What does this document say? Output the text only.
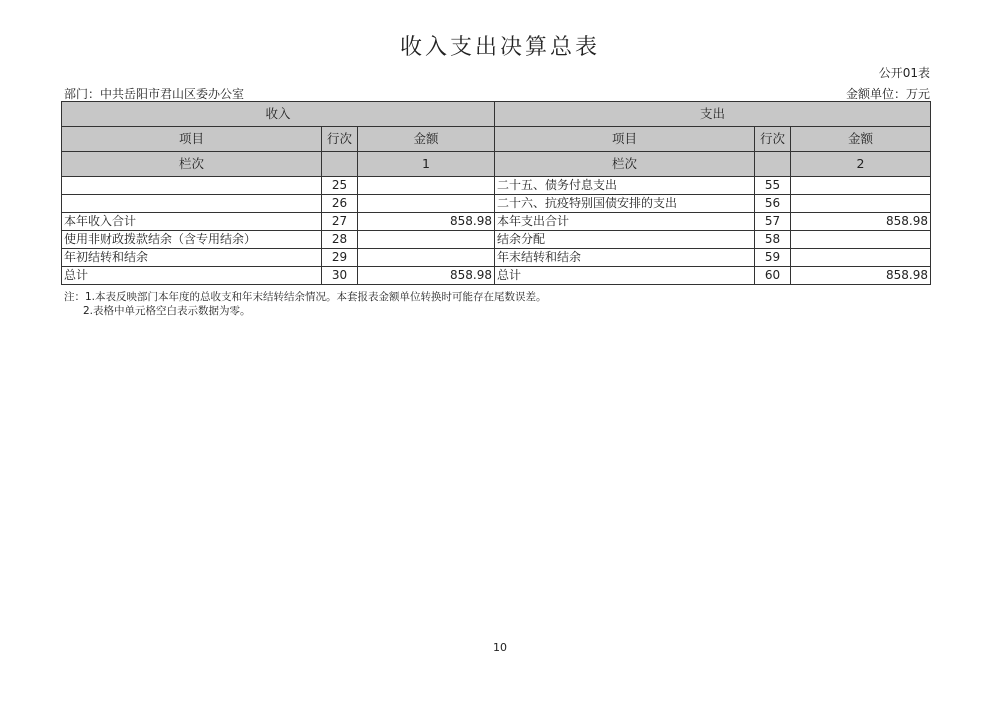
收入支出决算总表
公开01表
部门：中共岳阳市君山区委办公室	金额单位：万元
收入			支出		
项目	行次	金额	项目	行次	金额
栏次		1	栏次		2
	25		二十五、债务付息支出	55	
	26		二十六、抗疫特别国债安排的支出	56	
本年收入合计	27	858.98	本年支出合计	57	858.98
使用非财政拨款结余（含专用结余）	28		结余分配	58	
年初结转和结余	29		年末结转和结余	59	
总计	30	858.98	总计	60	858.98
注：1.本表反映部门本年度的总收支和年末结转结余情况。本套报表金额单位转换时可能存在尾数误差。
2.表格中单元格空白表示数据为零。
10
